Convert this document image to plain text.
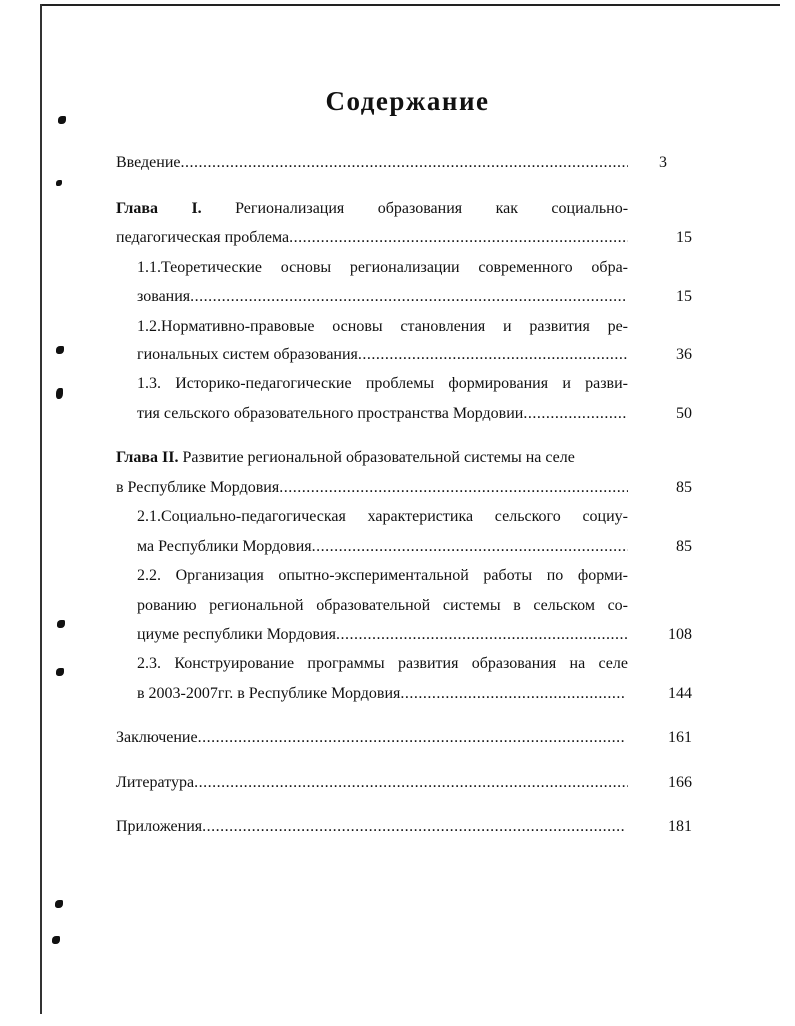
Содержание
Введение .....	3
Глава I. Регионализация образования как социально-
педагогическая проблема .....	15
1.1.Теоретические основы регионализации современного обра-
зования .....	15
1.2.Нормативно-правовые основы становления и развития ре-
гиональных систем образования .....	36
1.3. Историко-педагогические проблемы формирования и разви-
тия сельского образовательного пространства Мордовии .....	50
Глава II. Развитие региональной образовательной системы на селе
в Республике Мордовия .....	85
2.1.Социально-педагогическая характеристика сельского социу-
ма Республики Мордовия .....	85
2.2. Организация опытно-экспериментальной работы по форми-
рованию региональной образовательной системы в сельском со-
циуме республики Мордовия .....	108
2.3. Конструирование программы развития образования на селе
в 2003-2007гг. в Республике Мордовия .....	144
Заключение .....	161
Литература .....	166
Приложения .....	181
